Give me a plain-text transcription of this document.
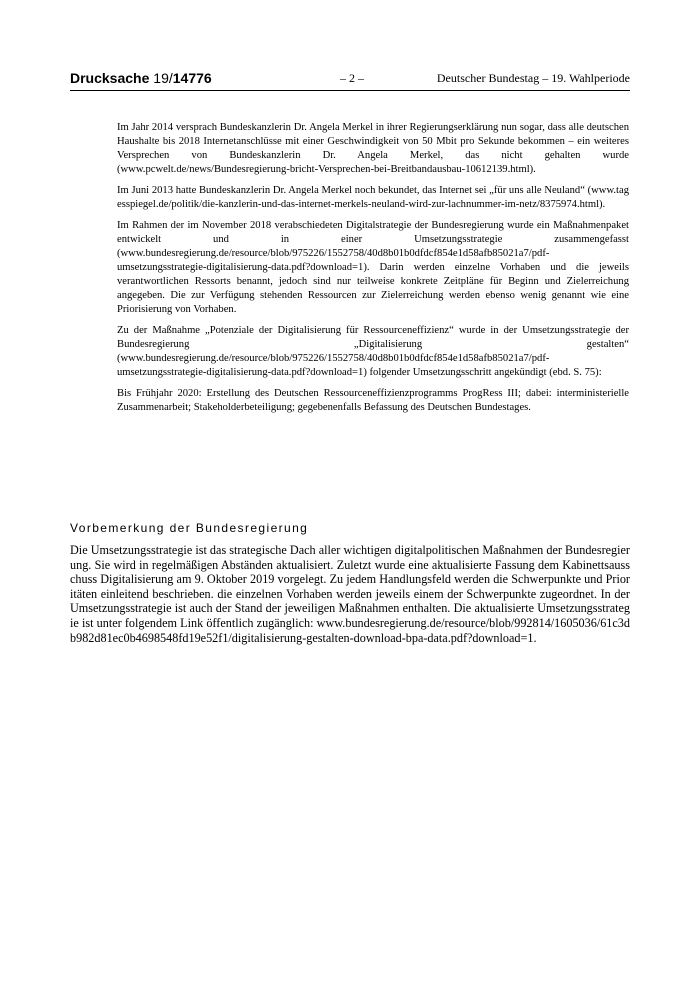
Drucksache 19/14776	– 2 –	Deutscher Bundestag – 19. Wahlperiode

Im Jahr 2014 versprach Bundeskanzlerin Dr. Angela Merkel in ihrer Regierungserklärung nun sogar, dass alle deutschen Haushalte bis 2018 Internetanschlüsse mit einer Geschwindigkeit von 50 Mbit pro Sekunde bekommen – ein weiteres Versprechen von Bundeskanzlerin Dr. Angela Merkel, das nicht gehalten wurde (www.pcwelt.de/news/Bundesregierung-bricht-Versprechen-bei-Breitbandausbau-10612139.html).

Im Juni 2013 hatte Bundeskanzlerin Dr. Angela Merkel noch bekundet, das Internet sei „für uns alle Neuland“ (www.tagesspiegel.de/politik/die-kanzlerin-und-das-internet-merkels-neuland-wird-zur-lachnummer-im-netz/8375974.html).

Im Rahmen der im November 2018 verabschiedeten Digitalstrategie der Bundesregierung wurde ein Maßnahmenpaket entwickelt und in einer Umsetzungsstrategie zusammengefasst (www.bundesregierung.de/resource/blob/975226/1552758/40d8b01b0dfdcf854e1d58afb85021a7/pdf-umsetzungsstrategie-digitalisierung-data.pdf?download=1). Darin werden einzelne Vorhaben und die jeweils verantwortlichen Ressorts benannt, jedoch sind nur teilweise konkrete Zeitpläne für Beginn und Zielerreichung angegeben. Die zur Verfügung stehenden Ressourcen zur Zielerreichung werden ebenso wenig genannt wie eine Priorisierung von Vorhaben.

Zu der Maßnahme „Potenziale der Digitalisierung für Ressourceneffizienz“ wurde in der Umsetzungsstrategie der Bundesregierung „Digitalisierung gestalten“ (www.bundesregierung.de/resource/blob/975226/1552758/40d8b01b0dfdcf854e1d58afb85021a7/pdf-umsetzungsstrategie-digitalisierung-data.pdf?download=1) folgender Umsetzungsschritt angekündigt (ebd. S. 75):

Bis Frühjahr 2020: Erstellung des Deutschen Ressourceneffizienzprogramms ProgRess III; dabei: interministerielle Zusammenarbeit; Stakeholderbeteiligung; gegebenenfalls Befassung des Deutschen Bundestages.

Vorbemerkung der Bundesregierung

Die Umsetzungsstrategie ist das strategische Dach aller wichtigen digitalpolitischen Maßnahmen der Bundesregierung. Sie wird in regelmäßigen Abständen aktualisiert. Zuletzt wurde eine aktualisierte Fassung dem Kabinettsausschuss Digitalisierung am 9. Oktober 2019 vorgelegt. Zu jedem Handlungsfeld werden die Schwerpunkte und Prioritäten einleitend beschrieben. die einzelnen Vorhaben werden jeweils einem der Schwerpunkte zugeordnet. In der Umsetzungsstrategie ist auch der Stand der jeweiligen Maßnahmen enthalten. Die aktualisierte Umsetzungsstrategie ist unter folgendem Link öffentlich zugänglich: www.bundesregierung.de/resource/blob/992814/1605036/61c3db982d81ec0b4698548fd19e52f1/digitalisierung-gestalten-download-bpa-data.pdf?download=1.
